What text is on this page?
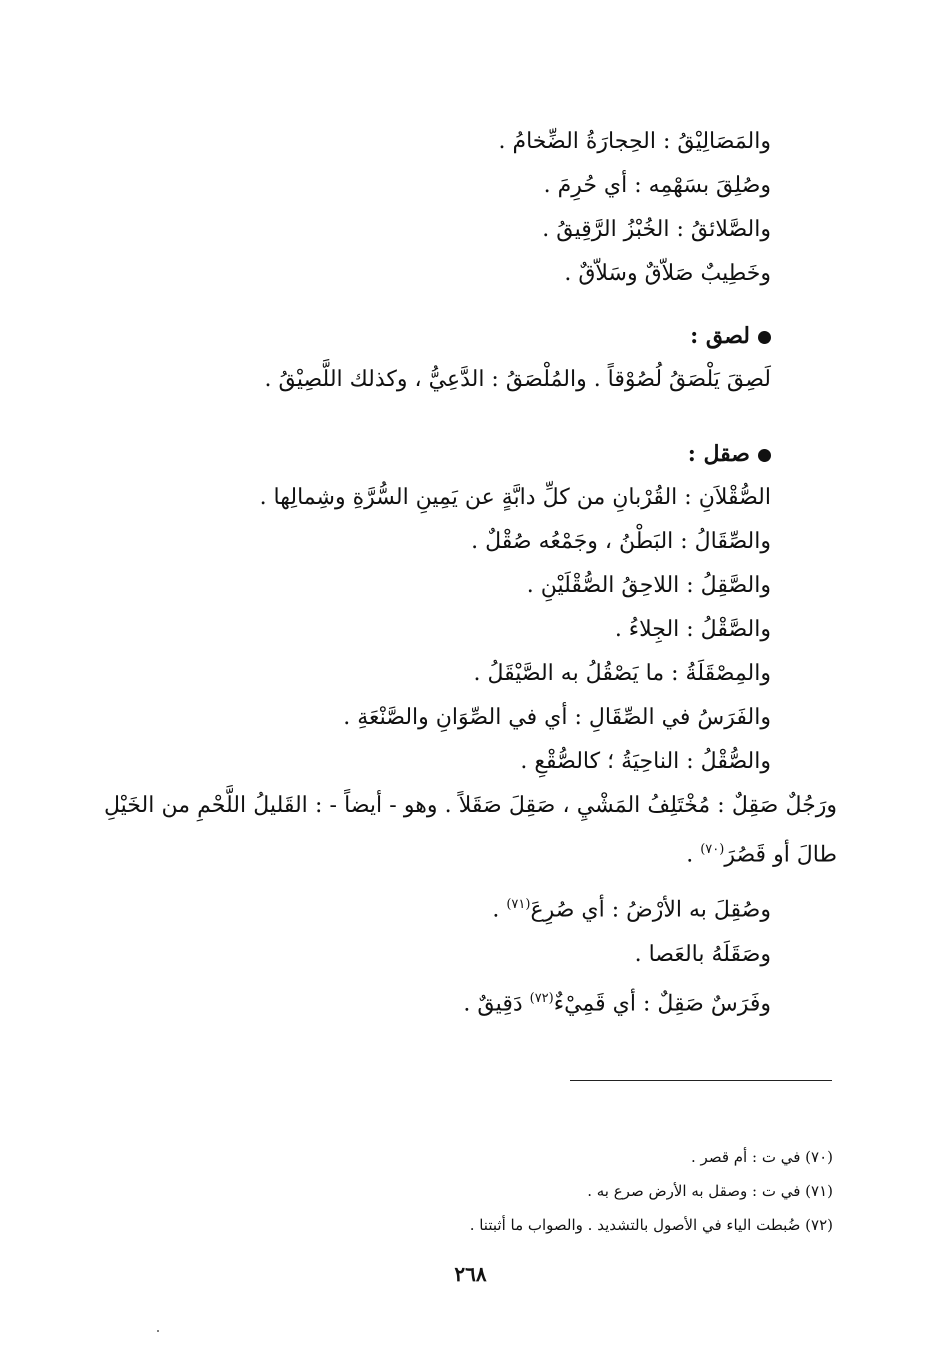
والمَصَالِيْقُ : الحِجارَةُ الضِّخامُ .
وصُلِقَ بسَهْمِه : أي حُرِمَ .
والصَّلائقُ : الخُبْزُ الرَّقِيقُ .
وخَطِيبٌ صَلاّقٌ وسَلاّقٌ .
لصق :
لَصِقَ يَلْصَقُ لُصُوْقاً . والمُلْصَقُ : الدَّعِيُّ ، وكذلك اللَّصِيْقُ .
صقل :
الصُّقْلاَنِ : القُرْبانِ من كلِّ دابَّةٍ عن يَمِينِ السُّرَّةِ وشِمالِها .
والصِّقَالُ : البَطْنُ ، وجَمْعُه صُقْلٌ .
والصَّقِلُ : اللاحِقُ الصُّقْلَيْنِ .
والصَّقْلُ : الجِلاءُ .
والمِصْقَلَةُ : ما يَصْقُلُ به الصَّيْقَلُ .
والفَرَسُ في الصِّقَالِ : أي في الصِّوَانِ والصَّنْعَةِ .
والصُّقْلُ : الناحِيَةُ ؛ كالصُّقْعِ .
ورَجُلٌ صَقِلٌ : مُخْتَلِفُ المَشْيِ ، صَقِلَ صَقَلاً . وهو - أيضاً - : القَليلُ اللَّحْمِ من الخَيْلِ طالَ أو قَصُرَ$^{(٧٠)}$ .
وصُقِلَ به الأرْضُ : أي صُرِعَ$^{(٧١)}$ .
وصَقَلَهُ بالعَصا .
وفَرَسٌ صَقِلٌ : أي قَمِيْءٌ$^{(٧٢)}$ دَقِيقٌ .
(٧٠) في ت : أم قصر .
(٧١) في ت : وصقل به الأرض صرع به .
(٧٢) ضُبطت الياء في الأصول بالتشديد . والصواب ما أثبتنا .
٢٦٨
